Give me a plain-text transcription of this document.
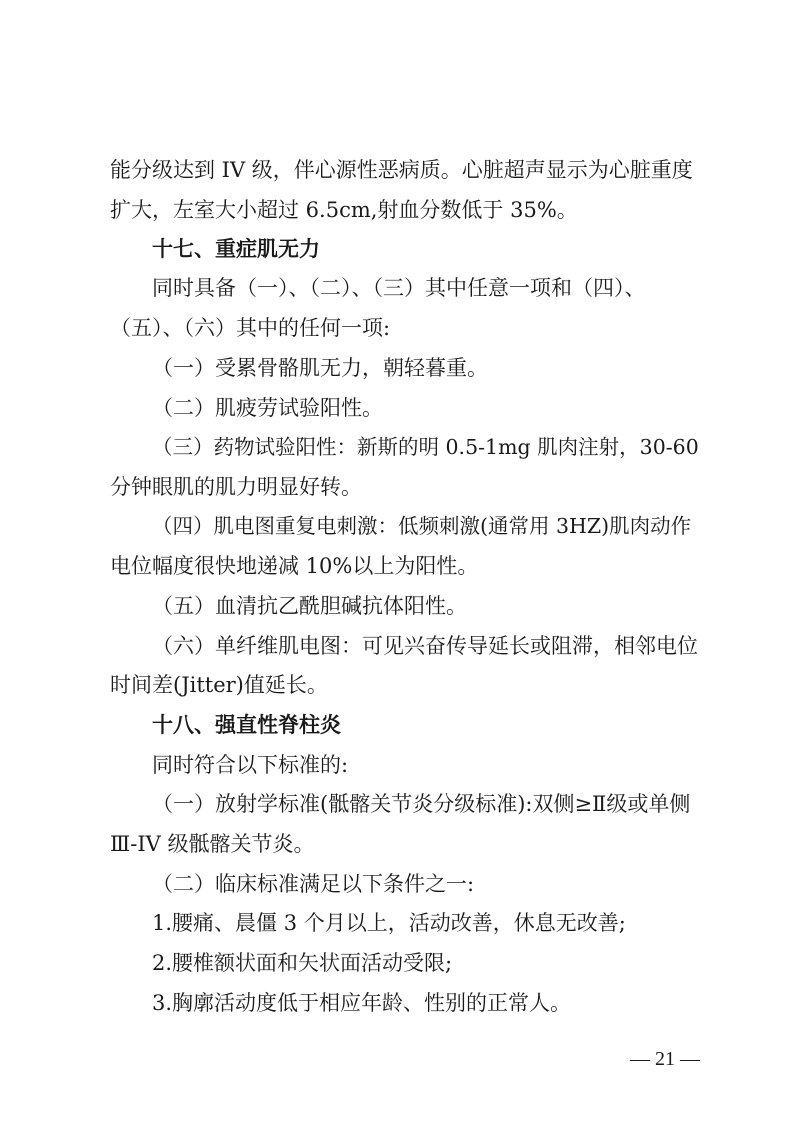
能分级达到 IV 级，伴心源性恶病质。心脏超声显示为心脏重度
扩大，左室大小超过 6.5cm,射血分数低于 35%。
十七、重症肌无力
同时具备（一）、（二）、（三）其中任意一项和（四）、
（五）、（六）其中的任何一项:
（一）受累骨骼肌无力，朝轻暮重。
（二）肌疲劳试验阳性。
（三）药物试验阳性：新斯的明 0.5-1mg 肌肉注射，30-60
分钟眼肌的肌力明显好转。
（四）肌电图重复电刺激：低频刺激(通常用 3HZ)肌肉动作
电位幅度很快地递减 10%以上为阳性。
（五）血清抗乙酰胆碱抗体阳性。
（六）单纤维肌电图：可见兴奋传导延长或阻滞，相邻电位
时间差(Jitter)值延长。
十八、强直性脊柱炎
同时符合以下标准的:
（一）放射学标准(骶髂关节炎分级标准):双侧≥Ⅱ级或单侧
Ⅲ-IV 级骶髂关节炎。
（二）临床标准满足以下条件之一:
1.腰痛、晨僵 3 个月以上，活动改善，休息无改善;
2.腰椎额状面和矢状面活动受限;
3.胸廓活动度低于相应年龄、性别的正常人。
— 21 —
